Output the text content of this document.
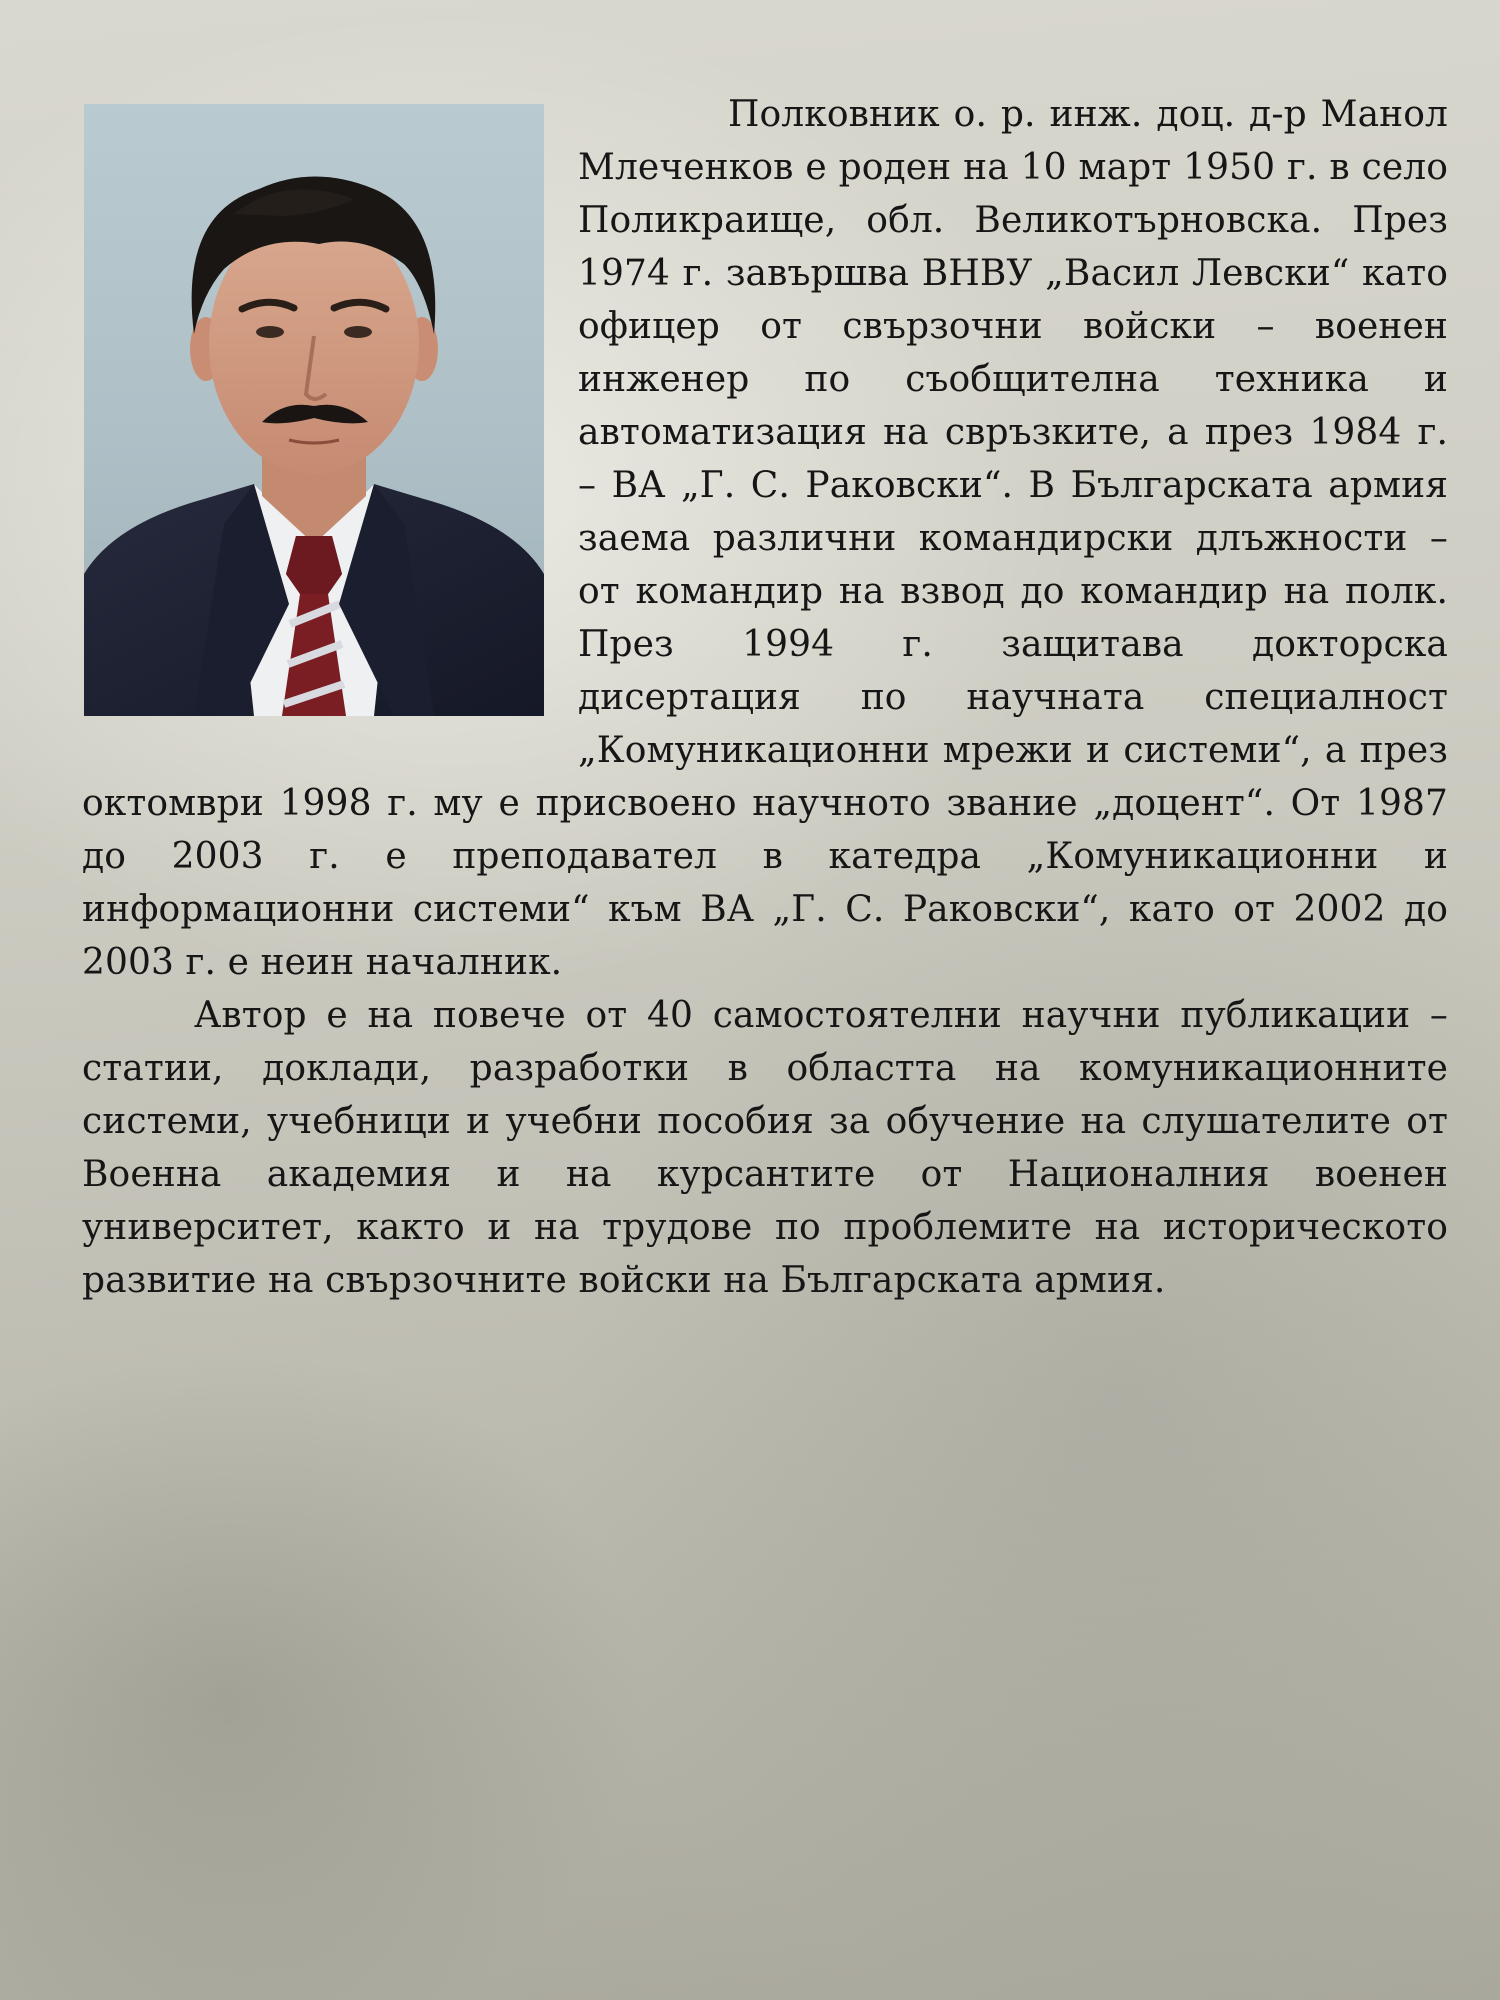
Полковник о. р. инж. доц. д-р Манол Млеченков е роден на 10 март 1950 г. в село Поликраище, обл. Великотърновска. През 1974 г. завършва ВНВУ „Васил Левски“ като офицер от свързочни войски – военен инженер по съобщителна техника и автоматизация на свръзките, а през 1984 г. – ВА „Г. С. Раковски“. В Българската армия заема различни командирски длъжности – от командир на взвод до командир на полк. През 1994 г. защитава докторска дисертация по научната специалност „Комуникационни мрежи и системи“, а през октомври 1998 г. му е присвоено научното звание „доцент“. От 1987 до 2003 г. е преподавател в катедра „Комуникационни и информационни системи“ към ВА „Г. С. Раковски“, като от 2002 до 2003 г. е неин началник.

Автор е на повече от 40 самостоятелни научни публикации – статии, доклади, разработки в областта на комуникационните системи, учебници и учебни пособия за обучение на слушателите от Военна академия и на курсантите от Националния военен университет, както и на трудове по проблемите на историческото развитие на свързочните войски на Българската армия.
